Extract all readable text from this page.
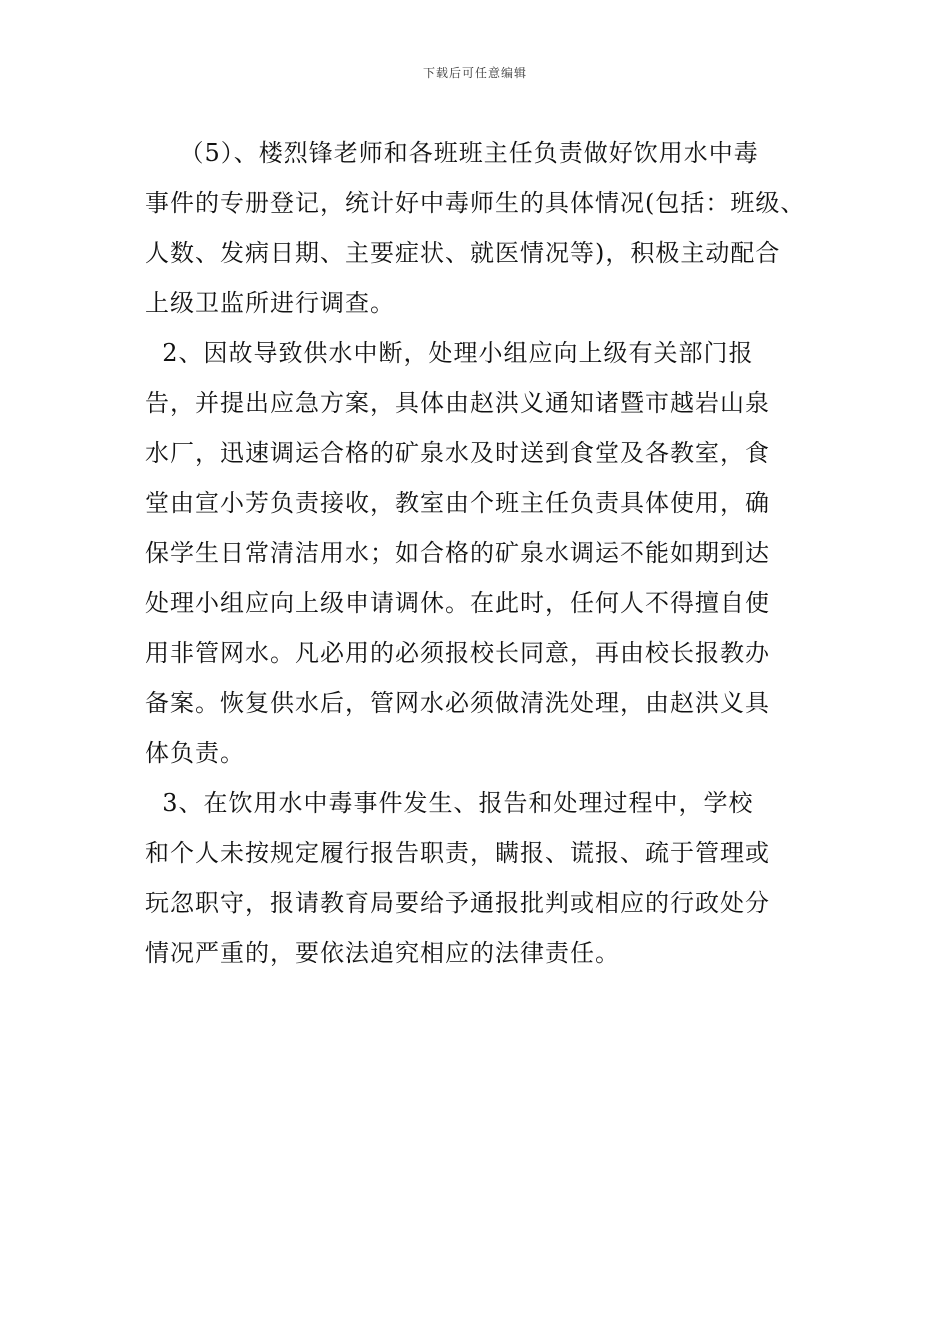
下载后可任意编辑
（5）、楼烈锋老师和各班班主任负责做好饮用水中毒
事件的专册登记，统计好中毒师生的具体情况(包括：班级、
人数、发病日期、主要症状、就医情况等)，积极主动配合
上级卫监所进行调查。
2、因故导致供水中断，处理小组应向上级有关部门报
告，并提出应急方案，具体由赵洪义通知诸暨市越岩山泉
水厂，迅速调运合格的矿泉水及时送到食堂及各教室，食
堂由宣小芳负责接收，教室由个班主任负责具体使用，确
保学生日常清洁用水；如合格的矿泉水调运不能如期到达
处理小组应向上级申请调休。在此时，任何人不得擅自使
用非管网水。凡必用的必须报校长同意，再由校长报教办
备案。恢复供水后，管网水必须做清洗处理，由赵洪义具
体负责。
3、在饮用水中毒事件发生、报告和处理过程中，学校
和个人未按规定履行报告职责，瞒报、谎报、疏于管理或
玩忽职守，报请教育局要给予通报批判或相应的行政处分
情况严重的，要依法追究相应的法律责任。
